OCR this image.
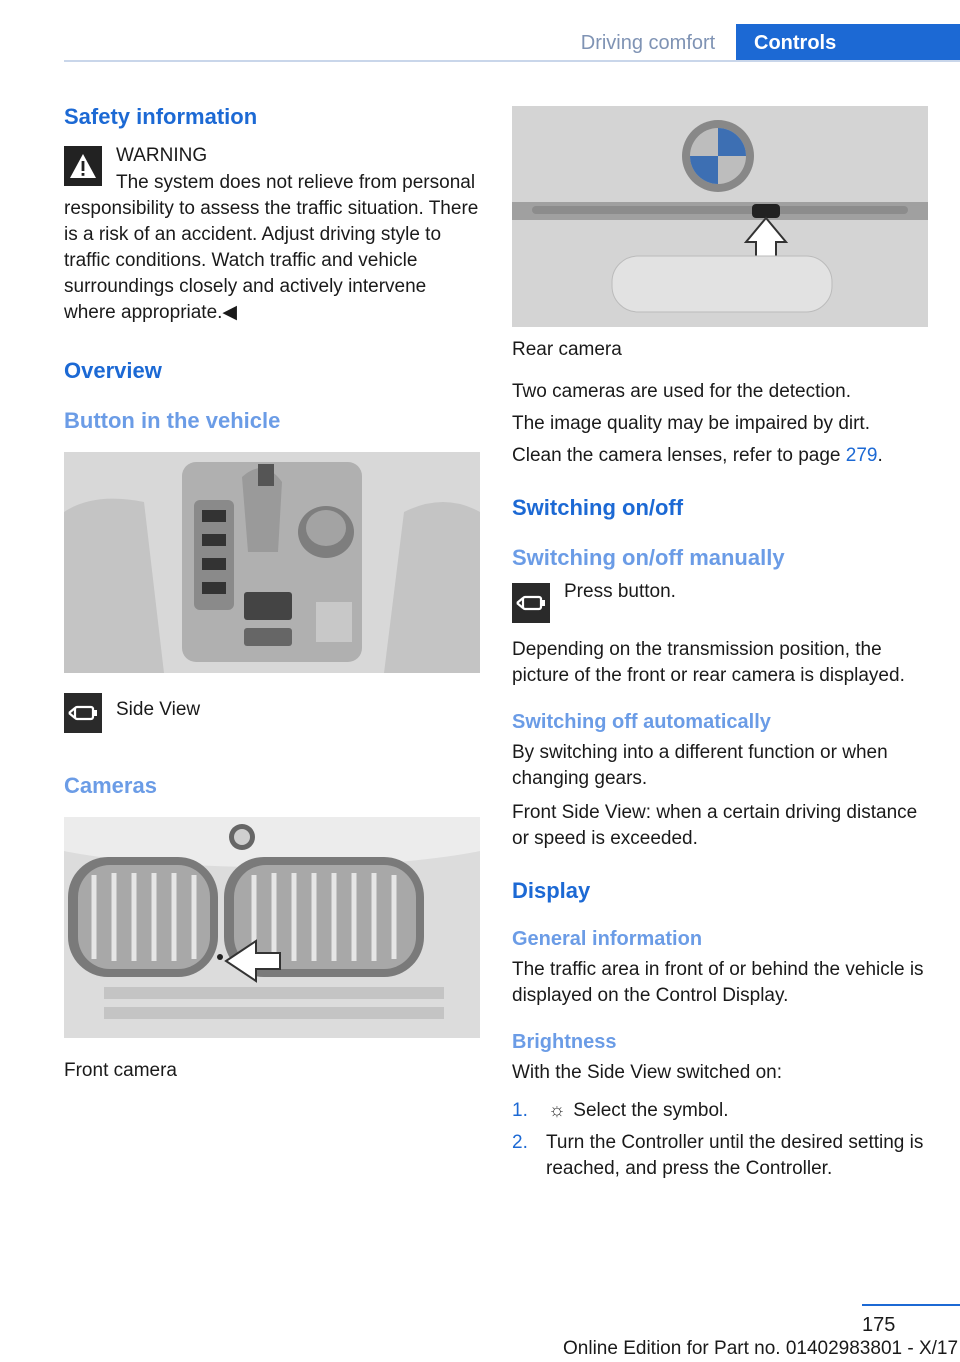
Driving comfort	Controls
Safety information
WARNING

The system does not relieve from personal responsibility to assess the traffic situation. There is a risk of an accident. Adjust driving style to traffic conditions. Watch traffic and vehicle surroundings closely and actively intervene where appropriate.◀

Overview
Button in the vehicle
Side View
Cameras
Front camera
Rear camera

Two cameras are used for the detection.

The image quality may be impaired by dirt.

Clean the camera lenses, refer to page 279.

Switching on/off
Switching on/off manually
Press button.

Depending on the transmission position, the picture of the front or rear camera is displayed.

Switching off automatically

By switching into a different function or when changing gears.

Front Side View: when a certain driving distance or speed is exceeded.

Display
General information

The traffic area in front of or behind the vehicle is displayed on the Control Display.

Brightness

With the Side View switched on:

1.	☼ Select the symbol.
2. Turn the Controller until the desired setting is reached, and press the Controller.
175
Online Edition for Part no. 01402983801 - X/17
